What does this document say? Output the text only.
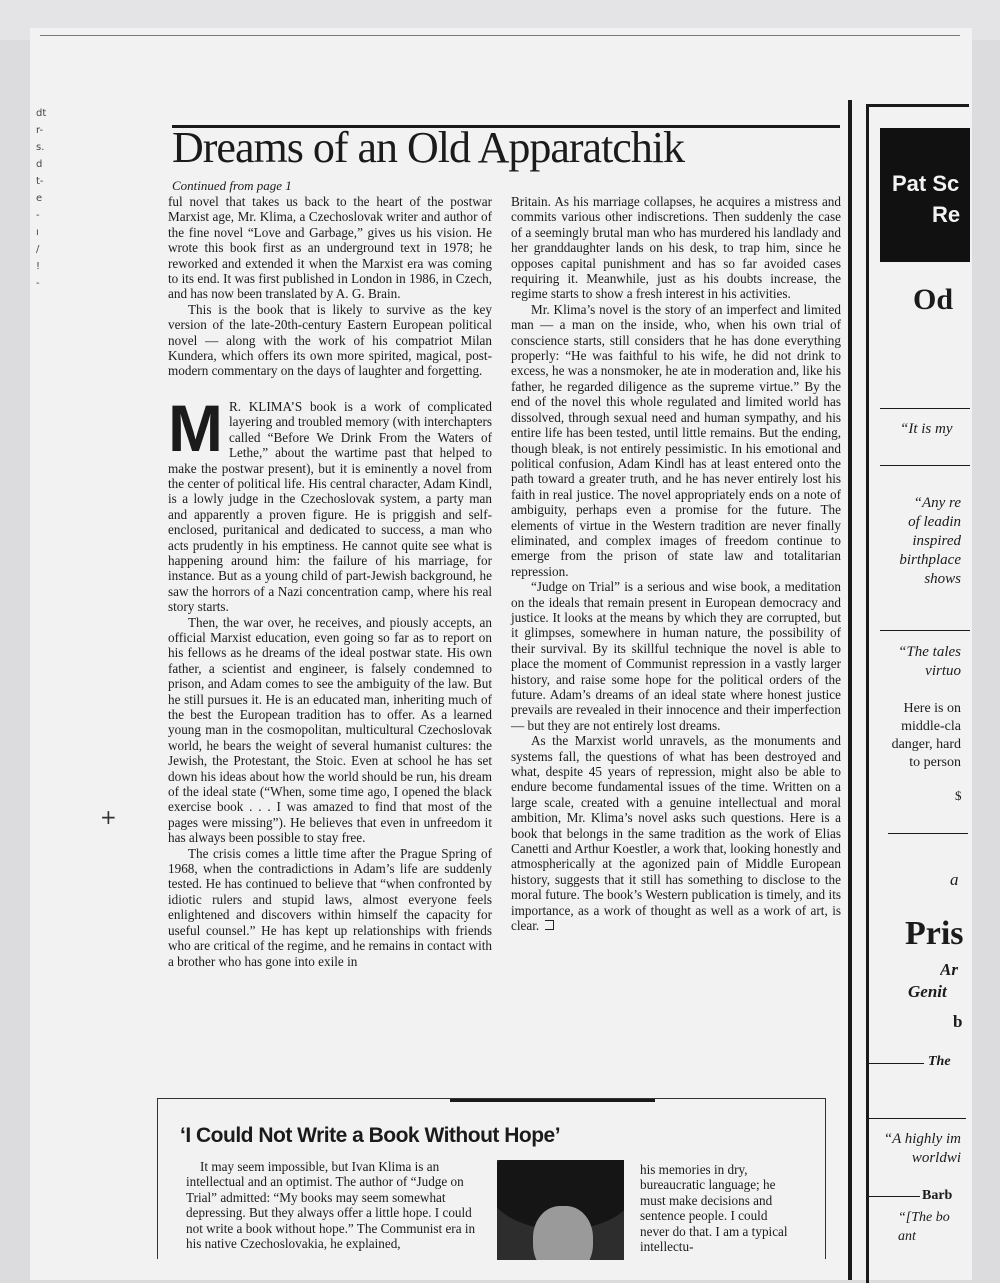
dt
r-
s.
d
t-
e
-
ı
/
!
-
+
Dreams of an Old Apparatchik
Continued from page 1

ful novel that takes us back to the heart of the postwar Marxist age, Mr. Klima, a Czechoslovak writer and author of the fine novel “Love and Garbage,” gives us his vision. He wrote this book first as an underground text in 1978; he reworked and extended it when the Marxist era was coming to its end. It was first published in London in 1986, in Czech, and has now been translated by A. G. Brain.

This is the book that is likely to survive as the key version of the late-20th-century Eastern European political novel — along with the work of his compatriot Milan Kundera, which offers its own more spirited, magical, post-modern commentary on the days of laughter and forgetting.

M R. KLIMA’S book is a work of complicated layering and troubled memory (with interchapters called “Before We Drink From the Waters of Lethe,” about the wartime past that helped to make the postwar present), but it is eminently a novel from the center of political life. His central character, Adam Kindl, is a lowly judge in the Czechoslovak system, a party man and apparently a proven figure. He is priggish and self-enclosed, puritanical and dedicated to success, a man who acts prudently in his emptiness. He cannot quite see what is happening around him: the failure of his marriage, for instance. But as a young child of part-Jewish background, he saw the horrors of a Nazi concentration camp, where his real story starts.

Then, the war over, he receives, and piously accepts, an official Marxist education, even going so far as to report on his fellows as he dreams of the ideal postwar state. His own father, a scientist and engineer, is falsely condemned to prison, and Adam comes to see the ambiguity of the law. But he still pursues it. He is an educated man, inheriting much of the best the European tradition has to offer. As a learned young man in the cosmopolitan, multicultural Czechoslovak world, he bears the weight of several humanist cultures: the Jewish, the Protestant, the Stoic. Even at school he has set down his ideas about how the world should be run, his dream of the ideal state (“When, some time ago, I opened the black exercise book . . . I was amazed to find that most of the pages were missing”). He believes that even in unfreedom it has always been possible to stay free.

The crisis comes a little time after the Prague Spring of 1968, when the contradictions in Adam’s life are suddenly tested. He has continued to believe that “when confronted by idiotic rulers and stupid laws, almost everyone feels enlightened and discovers within himself the capacity for useful counsel.” He has kept up relationships with friends who are critical of the regime, and he remains in contact with a brother who has gone into exile in

Britain. As his marriage collapses, he acquires a mistress and commits various other indiscretions. Then suddenly the case of a seemingly brutal man who has murdered his landlady and her granddaughter lands on his desk, to trap him, since he opposes capital punishment and has so far avoided cases requiring it. Meanwhile, just as his doubts increase, the regime starts to show a fresh interest in his activities.

Mr. Klima’s novel is the story of an imperfect and limited man — a man on the inside, who, when his own trial of conscience starts, still considers that he has done everything properly: “He was faithful to his wife, he did not drink to excess, he was a nonsmoker, he ate in moderation and, like his father, he regarded diligence as the supreme virtue.” By the end of the novel this whole regulated and limited world has dissolved, through sexual need and human sympathy, and his entire life has been tested, until little remains. But the ending, though bleak, is not entirely pessimistic. In his emotional and political confusion, Adam Kindl has at least entered onto the path toward a greater truth, and he has never entirely lost his faith in real justice. The novel appropriately ends on a note of ambiguity, perhaps even a promise for the future. The elements of virtue in the Western tradition are never finally eliminated, and complex images of freedom continue to emerge from the prison of state law and totalitarian repression.

“Judge on Trial” is a serious and wise book, a meditation on the ideals that remain present in European democracy and justice. It looks at the means by which they are corrupted, but it glimpses, somewhere in human nature, the possibility of their survival. By its skillful technique the novel is able to place the moment of Communist repression in a vastly larger history, and raise some hope for the political orders of the future. Adam’s dreams of an ideal state where honest justice prevails are revealed in their innocence and their imperfection — but they are not entirely lost dreams.

As the Marxist world unravels, as the monuments and systems fall, the questions of what has been destroyed and what, despite 45 years of repression, might also be able to endure become fundamental issues of the time. Written on a large scale, created with a genuine intellectual and moral ambition, Mr. Klima’s novel asks such questions. Here is a book that belongs in the same tradition as the work of Elias Canetti and Arthur Koestler, a work that, looking honestly and atmospherically at the agonized pain of Middle European history, suggests that it still has something to disclose to the moral future. The book’s Western publication is timely, and its importance, as a work of thought as well as a work of art, is clear.

‘I Could Not Write a Book Without Hope’

It may seem impossible, but Ivan Klima is an intellectual and an optimist. The author of “Judge on Trial” admitted: “My books may seem somewhat depressing. But they always offer a little hope. I could not write a book without hope.” The Communist era in his native Czechoslovakia, he explained,

his memories in dry, bureaucratic language; he must make decisions and sentence people. I could never do that. I am a typical intellectu-

Pat Sc
Re
Od
“It is my
“Any re
of leadin
inspired
birthplace
shows
“The tales
virtuo
Here is on
middle-cla
danger, hard
to person
$
a
Pris
Ar
Genit
b
The
“A highly im
worldwi
Barb
“[The bo
ant
